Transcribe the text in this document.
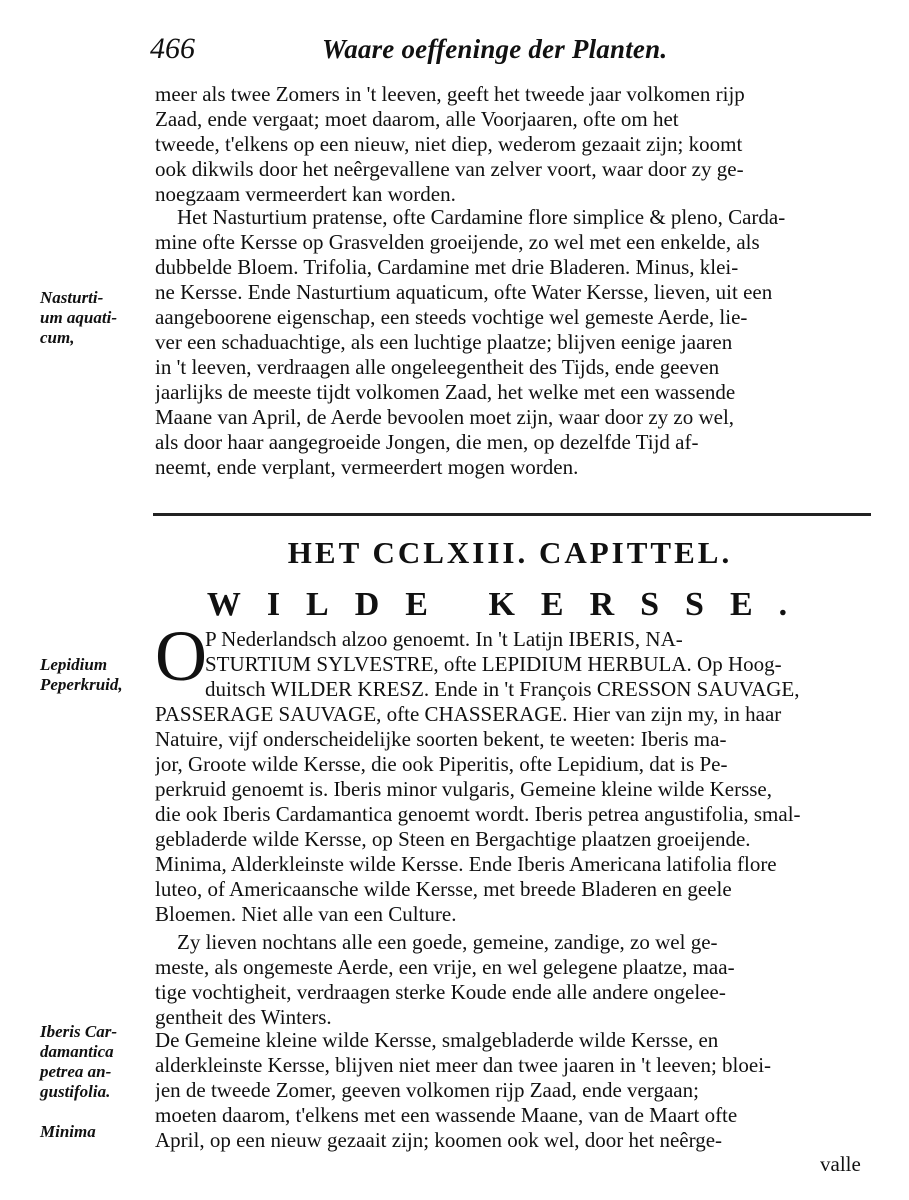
466	Waare oeffeninge der Planten.
meer als twee Zomers in 't leeven, geeft het tweede jaar volkomen rijp
Zaad, ende vergaat; moet daarom, alle Voorjaaren, ofte om het
tweede, t'elkens op een nieuw, niet diep, wederom gezaait zijn; koomt
ook dikwils door het neêrgevallene van zelver voort, waar door zy ge-
noegzaam vermeerdert kan worden.
Het Nasturtium pratense, ofte Cardamine flore simplice & pleno, Carda-
mine ofte Kersse op Grasvelden groeijende, zo wel met een enkelde, als
dubbelde Bloem. Trifolia, Cardamine met drie Bladeren. Minus, klei-
ne Kersse. Ende Nasturtium aquaticum, ofte Water Kersse, lieven, uit een
aangeboorene eigenschap, een steeds vochtige wel gemeste Aerde, lie-
ver een schaduachtige, als een luchtige plaatze; blijven eenige jaaren
in 't leeven, verdraagen alle ongeleegentheit des Tijds, ende geeven
jaarlijks de meeste tijdt volkomen Zaad, het welke met een wassende
Maane van April, de Aerde bevoolen moet zijn, waar door zy zo wel,
als door haar aangegroeide Jongen, die men, op dezelfde Tijd af-
neemt, ende verplant, vermeerdert mogen worden.
HET CCLXIII. CAPITTEL.
WILDE KERSSE.
O
P Nederlandsch alzoo genoemt. In 't Latijn IBERIS, NA-
STURTIUM SYLVESTRE, ofte LEPIDIUM HERBULA. Op Hoog-
duitsch WILDER KRESZ. Ende in 't François CRESSON SAUVAGE,
PASSERAGE SAUVAGE, ofte CHASSERAGE. Hier van zijn my, in haar
Natuire, vijf onderscheidelijke soorten bekent, te weeten: Iberis ma-
jor, Groote wilde Kersse, die ook Piperitis, ofte Lepidium, dat is Pe-
perkruid genoemt is. Iberis minor vulgaris, Gemeine kleine wilde Kersse,
die ook Iberis Cardamantica genoemt wordt. Iberis petrea angustifolia, smal-
gebladerde wilde Kersse, op Steen en Bergachtige plaatzen groeijende.
Minima, Alderkleinste wilde Kersse. Ende Iberis Americana latifolia flore
luteo, of Americaansche wilde Kersse, met breede Bladeren en geele
Bloemen. Niet alle van een Culture.
Zy lieven nochtans alle een goede, gemeine, zandige, zo wel ge-
meste, als ongemeste Aerde, een vrije, en wel gelegene plaatze, maa-
tige vochtigheit, verdraagen sterke Koude ende alle andere ongelee-
gentheit des Winters.
De Gemeine kleine wilde Kersse, smalgebladerde wilde Kersse, en
alderkleinste Kersse, blijven niet meer dan twee jaaren in 't leeven; bloei-
jen de tweede Zomer, geeven volkomen rijp Zaad, ende vergaan;
moeten daarom, t'elkens met een wassende Maane, van de Maart ofte
April, op een nieuw gezaait zijn; koomen ook wel, door het neêrge-
valle
Nasturti-
um aquati-
cum,
Lepidium
Peperkruid,
Iberis Car-
damantica
petrea an-
gustifolia.
Minima
